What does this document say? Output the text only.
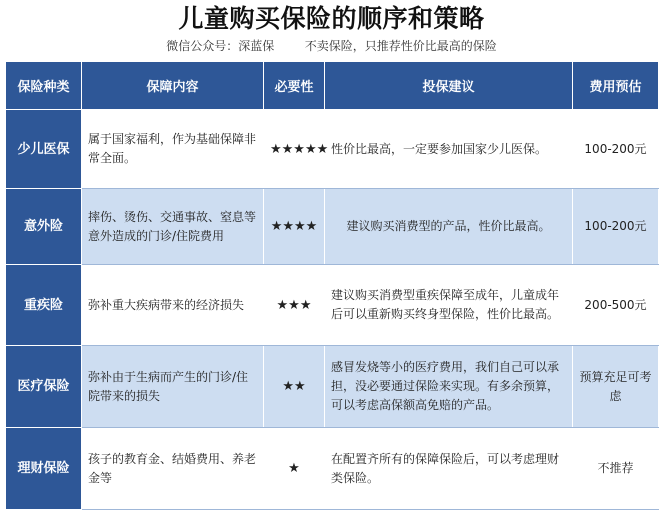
儿童购买保险的顺序和策略
微信公众号：深蓝保        不卖保险，只推荐性价比最高的保险
保险种类	保障内容	必要性	投保建议	费用预估
少儿医保	属于国家福利，作为基础保障非常全面。	★★★★★	性价比最高，一定要参加国家少儿医保。	100-200元
意外险	摔伤、烫伤、交通事故、窒息等意外造成的门诊/住院费用	★★★★	建议购买消费型的产品，性价比最高。	100-200元
重疾险	弥补重大疾病带来的经济损失	★★★	建议购买消费型重疾保障至成年，儿童成年后可以重新购买终身型保险，性价比最高。	200-500元
医疗保险	弥补由于生病而产生的门诊/住院带来的损失	★★	感冒发烧等小的医疗费用，我们自己可以承担，没必要通过保险来实现。有多余预算，可以考虑高保额高免赔的产品。	预算充足可考虑
理财保险	孩子的教育金、结婚费用、养老金等	★	在配置齐所有的保障保险后，可以考虑理财类保险。	不推荐
